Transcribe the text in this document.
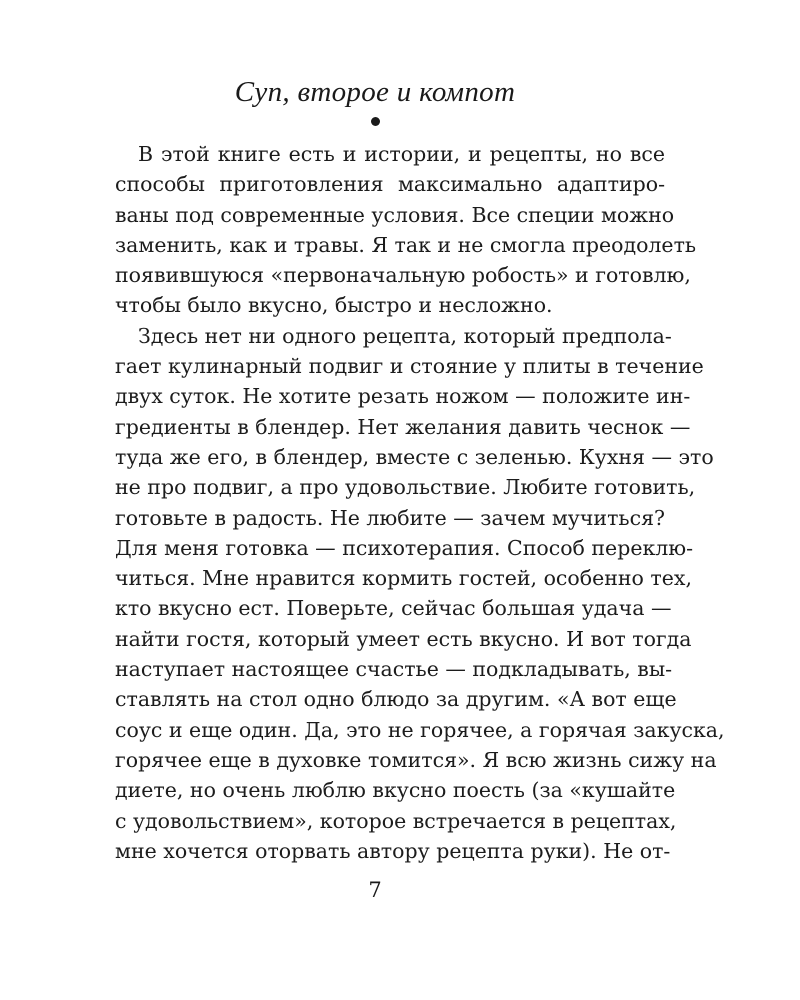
Суп, второе и компот
В этой книге есть и истории, и рецепты, но все
способы приготовления максимально адаптиро-
ваны под современные условия. Все специи можно
заменить, как и травы. Я так и не смогла преодолеть
появившуюся «первоначальную робость» и готовлю,
чтобы было вкусно, быстро и несложно.
Здесь нет ни одного рецепта, который предпола-
гает кулинарный подвиг и стояние у плиты в течение
двух суток. Не хотите резать ножом — положите ин-
гредиенты в блендер. Нет желания давить чеснок —
туда же его, в блендер, вместе с зеленью. Кухня — это
не про подвиг, а про удовольствие. Любите готовить,
готовьте в радость. Не любите — зачем мучиться?
Для меня готовка — психотерапия. Способ переклю-
читься. Мне нравится кормить гостей, особенно тех,
кто вкусно ест. Поверьте, сейчас большая удача —
найти гостя, который умеет есть вкусно. И вот тогда
наступает настоящее счастье — подкладывать, вы-
ставлять на стол одно блюдо за другим. «А вот еще
соус и еще один. Да, это не горячее, а горячая закуска,
горячее еще в духовке томится». Я всю жизнь сижу на
диете, но очень люблю вкусно поесть (за «кушайте
с удовольствием», которое встречается в рецептах,
мне хочется оторвать автору рецепта руки). Не от-
7
